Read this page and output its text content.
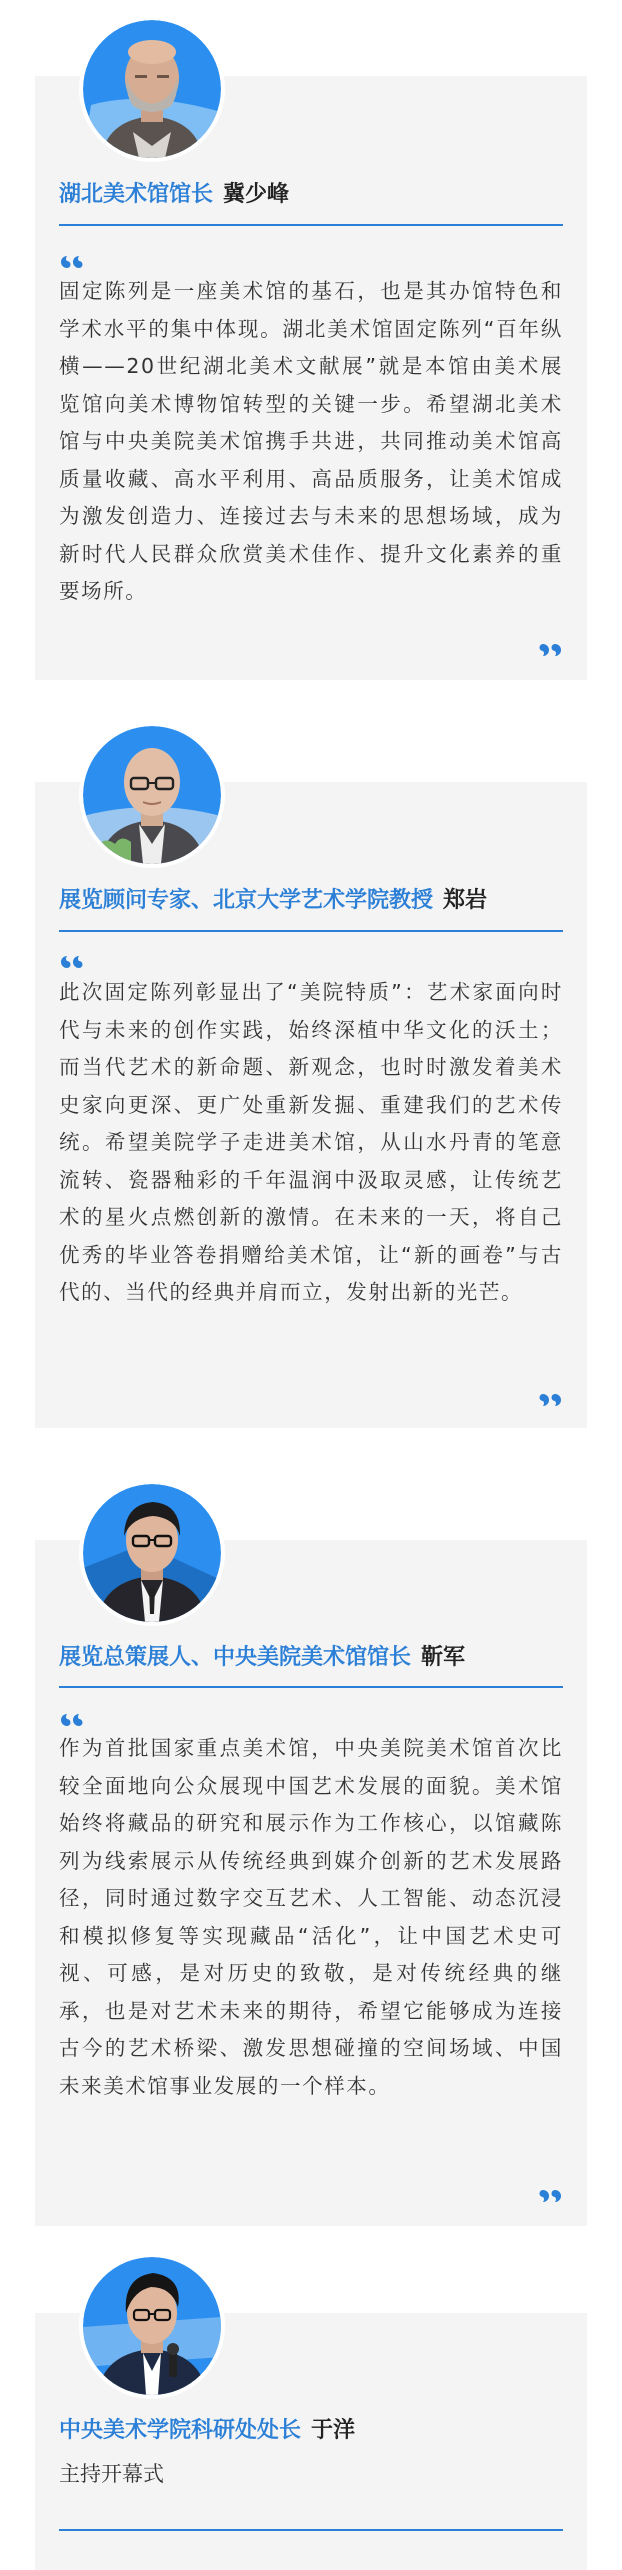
湖北美术馆馆长 冀少峰
固定陈列是一座美术馆的基石，也是其办馆特色和学术水平的集中体现。湖北美术馆固定陈列“百年纵横——20世纪湖北美术文献展”就是本馆由美术展览馆向美术博物馆转型的关键一步。希望湖北美术馆与中央美院美术馆携手共进，共同推动美术馆高质量收藏、高水平利用、高品质服务，让美术馆成为激发创造力、连接过去与未来的思想场域，成为新时代人民群众欣赏美术佳作、提升文化素养的重要场所。
展览顾问专家、北京大学艺术学院教授 郑岩
此次固定陈列彰显出了“美院特质”：艺术家面向时代与未来的创作实践，始终深植中华文化的沃土；而当代艺术的新命题、新观念，也时时激发着美术史家向更深、更广处重新发掘、重建我们的艺术传统。希望美院学子走进美术馆，从山水丹青的笔意流转、瓷器釉彩的千年温润中汲取灵感，让传统艺术的星火点燃创新的激情。在未来的一天，将自己优秀的毕业答卷捐赠给美术馆，让“新的画卷”与古代的、当代的经典并肩而立，发射出新的光芒。
展览总策展人、中央美院美术馆馆长 靳军
作为首批国家重点美术馆，中央美院美术馆首次比较全面地向公众展现中国艺术发展的面貌。美术馆始终将藏品的研究和展示作为工作核心，以馆藏陈列为线索展示从传统经典到媒介创新的艺术发展路径，同时通过数字交互艺术、人工智能、动态沉浸和模拟修复等实现藏品“活化”，让中国艺术史可视、可感，是对历史的致敬，是对传统经典的继承，也是对艺术未来的期待，希望它能够成为连接古今的艺术桥梁、激发思想碰撞的空间场域、中国未来美术馆事业发展的一个样本。
中央美术学院科研处处长 于洋
主持开幕式
